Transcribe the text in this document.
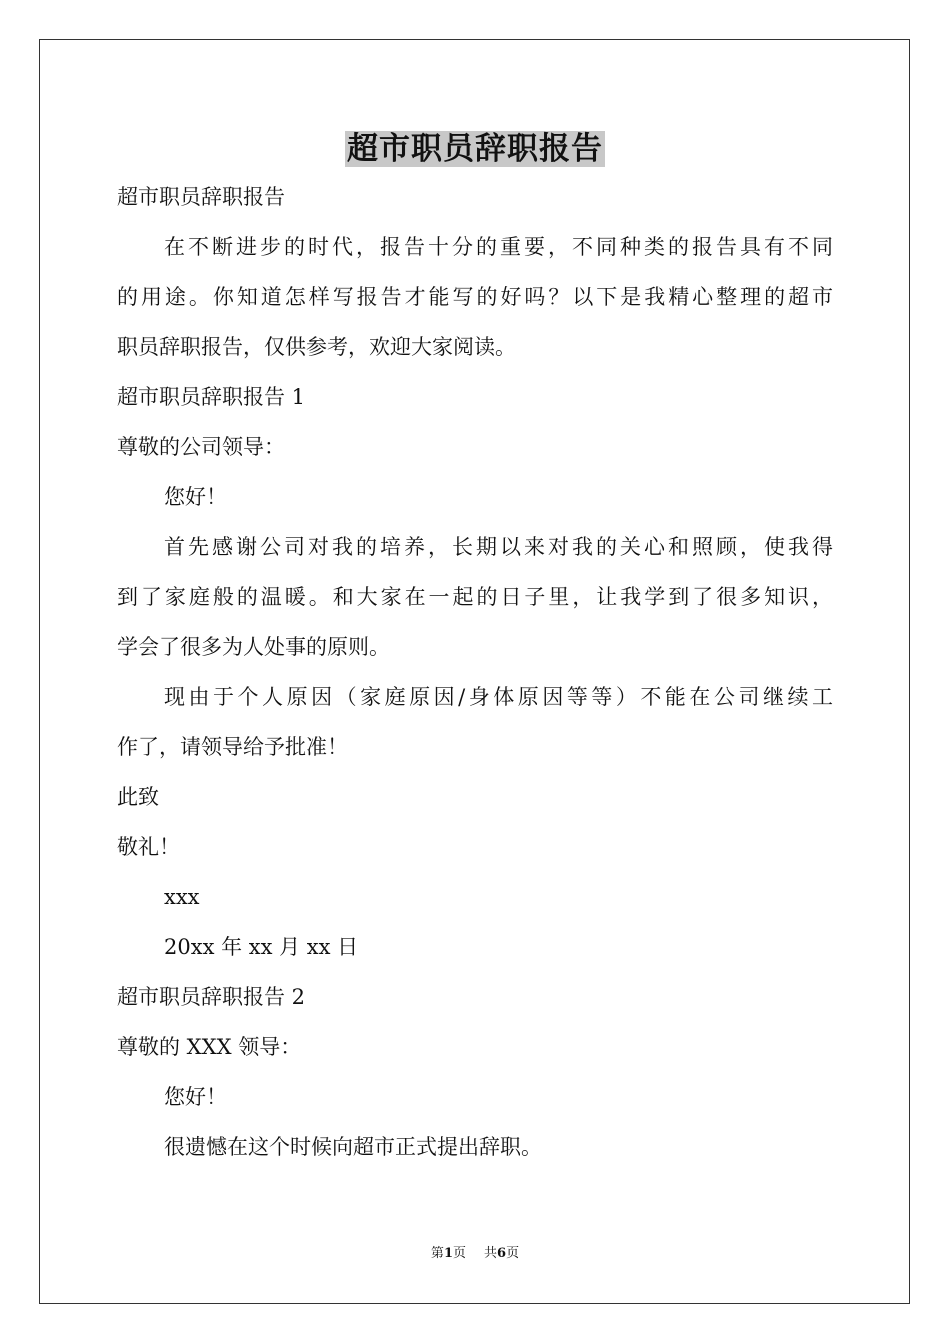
超市职员辞职报告
超市职员辞职报告
在不断进步的时代，报告十分的重要，不同种类的报告具有不同
的用途。你知道怎样写报告才能写的好吗？以下是我精心整理的超市
职员辞职报告，仅供参考，欢迎大家阅读。
超市职员辞职报告 1
尊敬的公司领导：
您好！
首先感谢公司对我的培养，长期以来对我的关心和照顾，使我得
到了家庭般的温暖。和大家在一起的日子里，让我学到了很多知识，
学会了很多为人处事的原则。
现由于个人原因（家庭原因/身体原因等等）不能在公司继续工
作了，请领导给予批准！
此致
敬礼！
xxx
20xx 年 xx 月 xx 日
超市职员辞职报告 2
尊敬的 XXX 领导：
您好！
很遗憾在这个时候向超市正式提出辞职。
第1页 共6页
